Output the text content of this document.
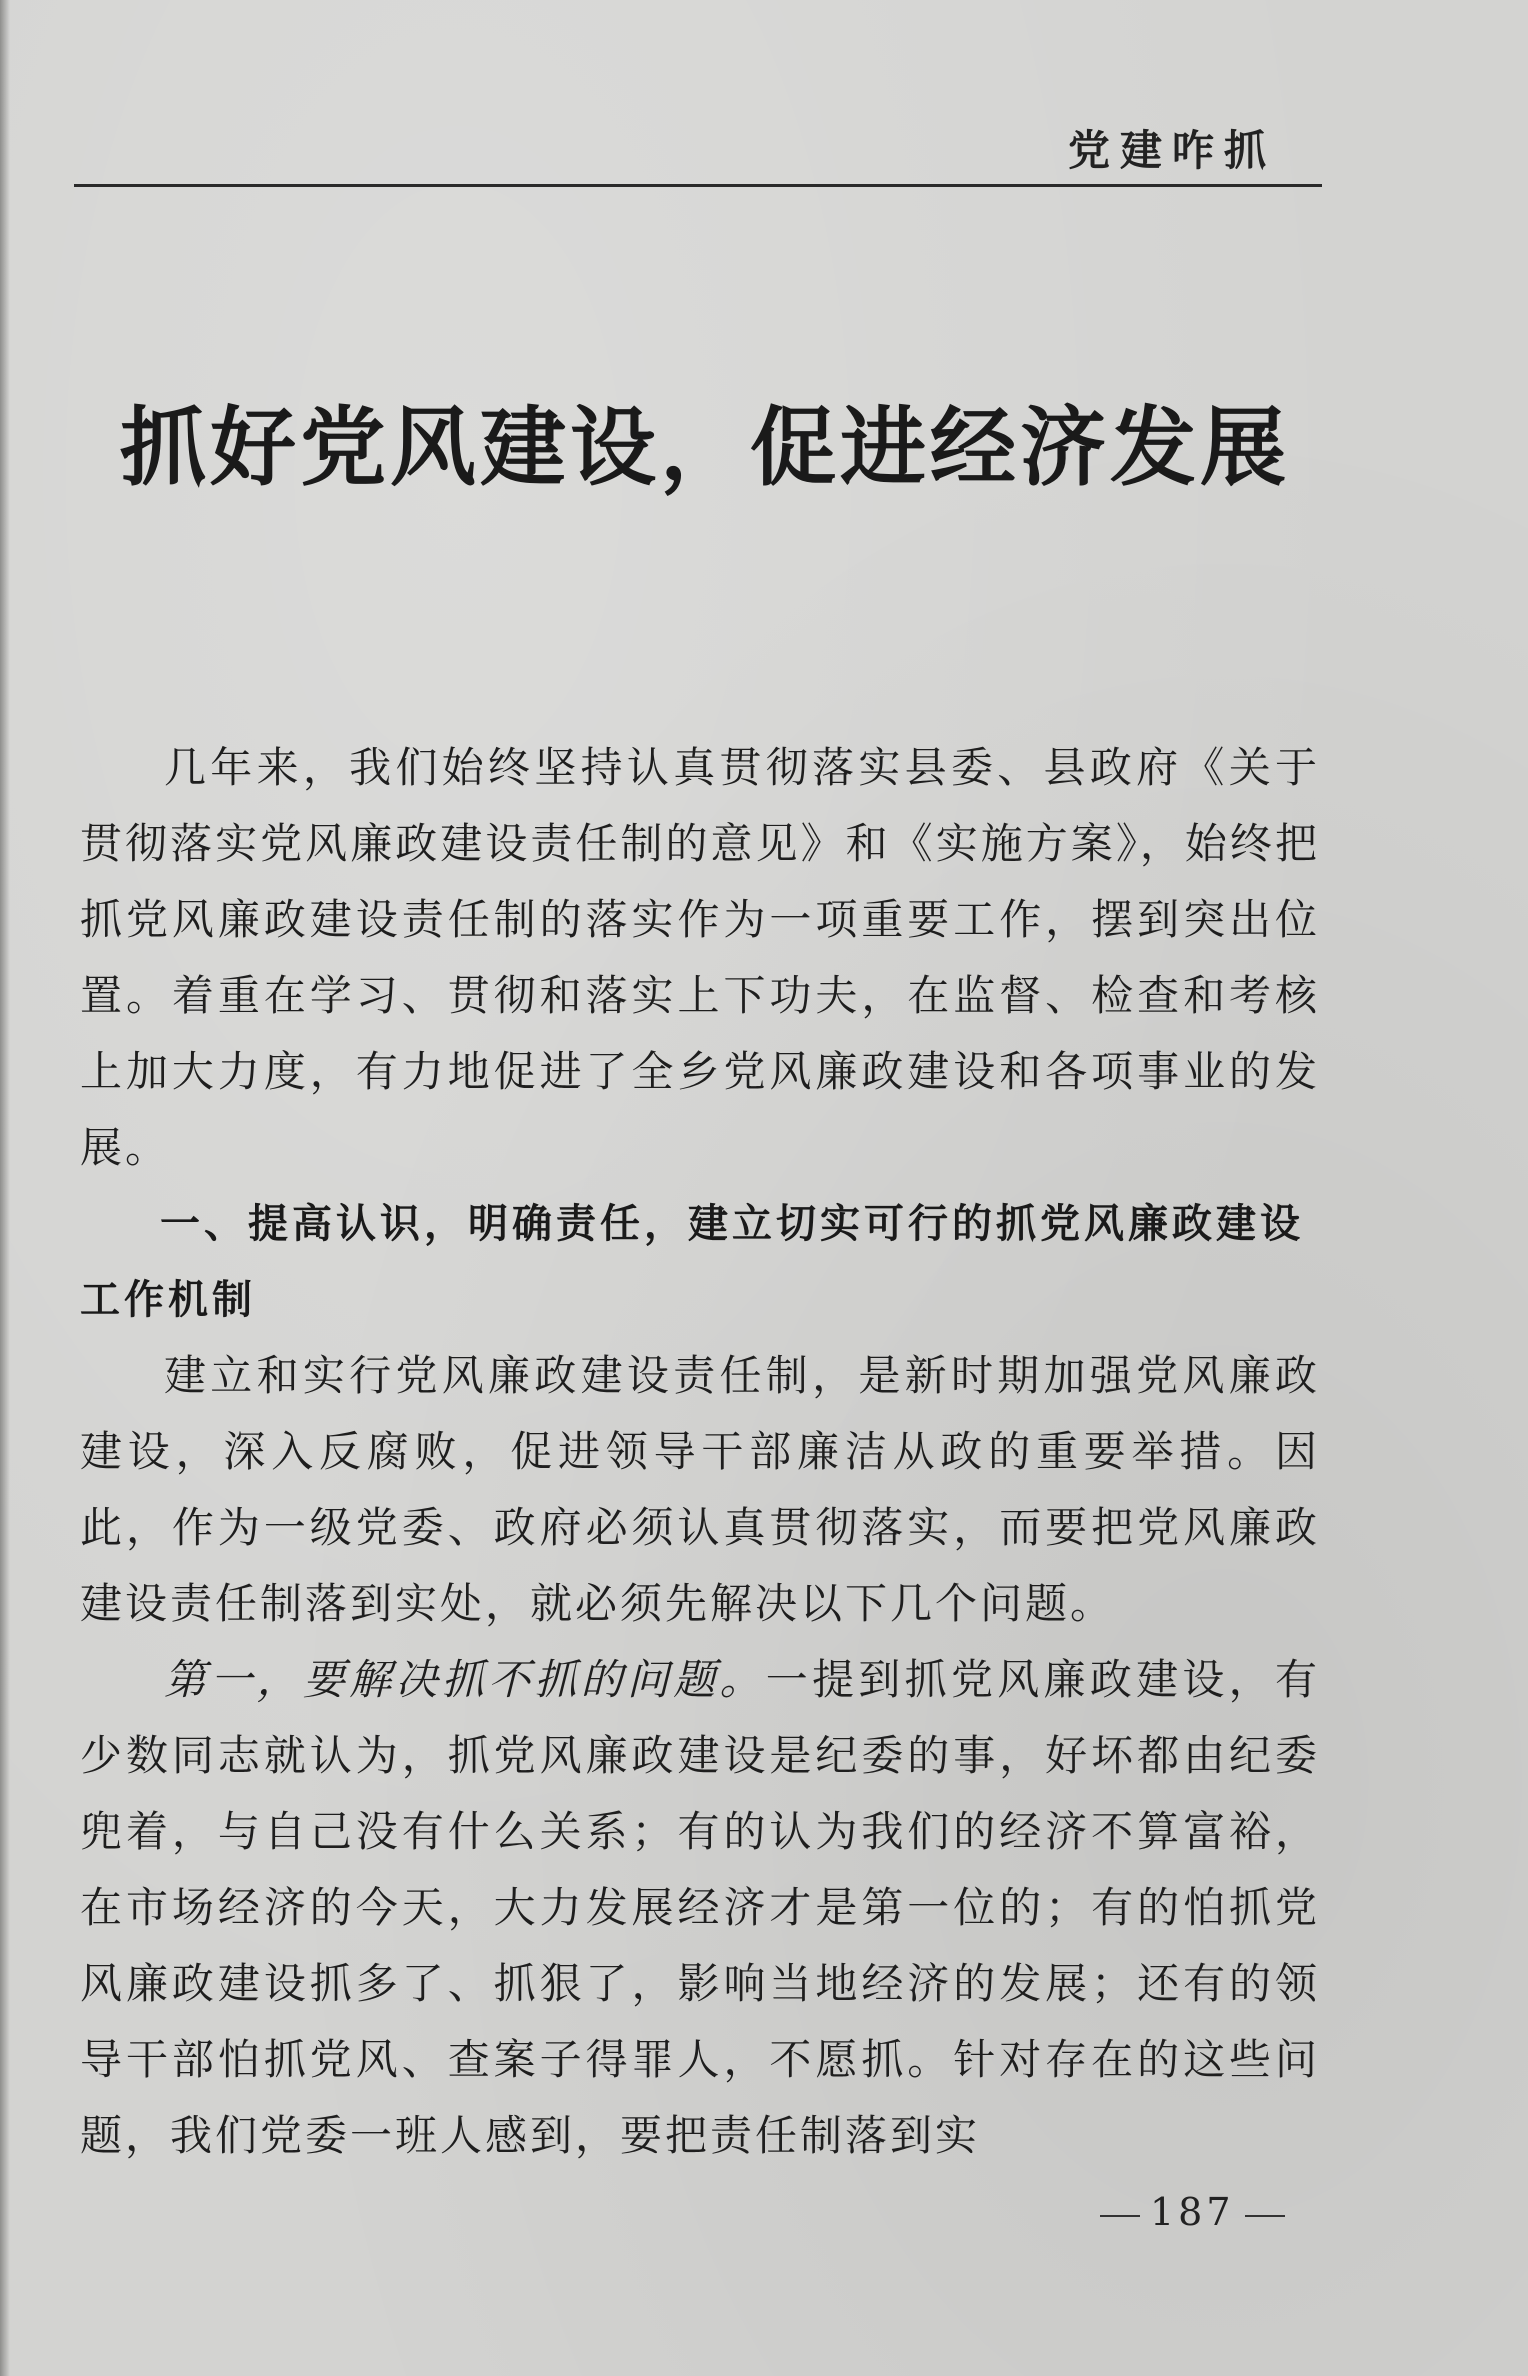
党建咋抓
抓好党风建设，促进经济发展

几年来，我们始终坚持认真贯彻落实县委、县政府《关于贯彻落实党风廉政建设责任制的意见》和《实施方案》，始终把抓党风廉政建设责任制的落实作为一项重要工作，摆到突出位置。着重在学习、贯彻和落实上下功夫，在监督、检查和考核上加大力度，有力地促进了全乡党风廉政建设和各项事业的发展。

一、提高认识，明确责任，建立切实可行的抓党风廉政建设工作机制

建立和实行党风廉政建设责任制，是新时期加强党风廉政建设，深入反腐败，促进领导干部廉洁从政的重要举措。因此，作为一级党委、政府必须认真贯彻落实，而要把党风廉政建设责任制落到实处，就必须先解决以下几个问题。

第一，要解决抓不抓的问题。一提到抓党风廉政建设，有少数同志就认为，抓党风廉政建设是纪委的事，好坏都由纪委兜着，与自己没有什么关系；有的认为我们的经济不算富裕，在市场经济的今天，大力发展经济才是第一位的；有的怕抓党风廉政建设抓多了、抓狠了，影响当地经济的发展；还有的领导干部怕抓党风、查案子得罪人，不愿抓。针对存在的这些问题，我们党委一班人感到，要把责任制落到实

187
